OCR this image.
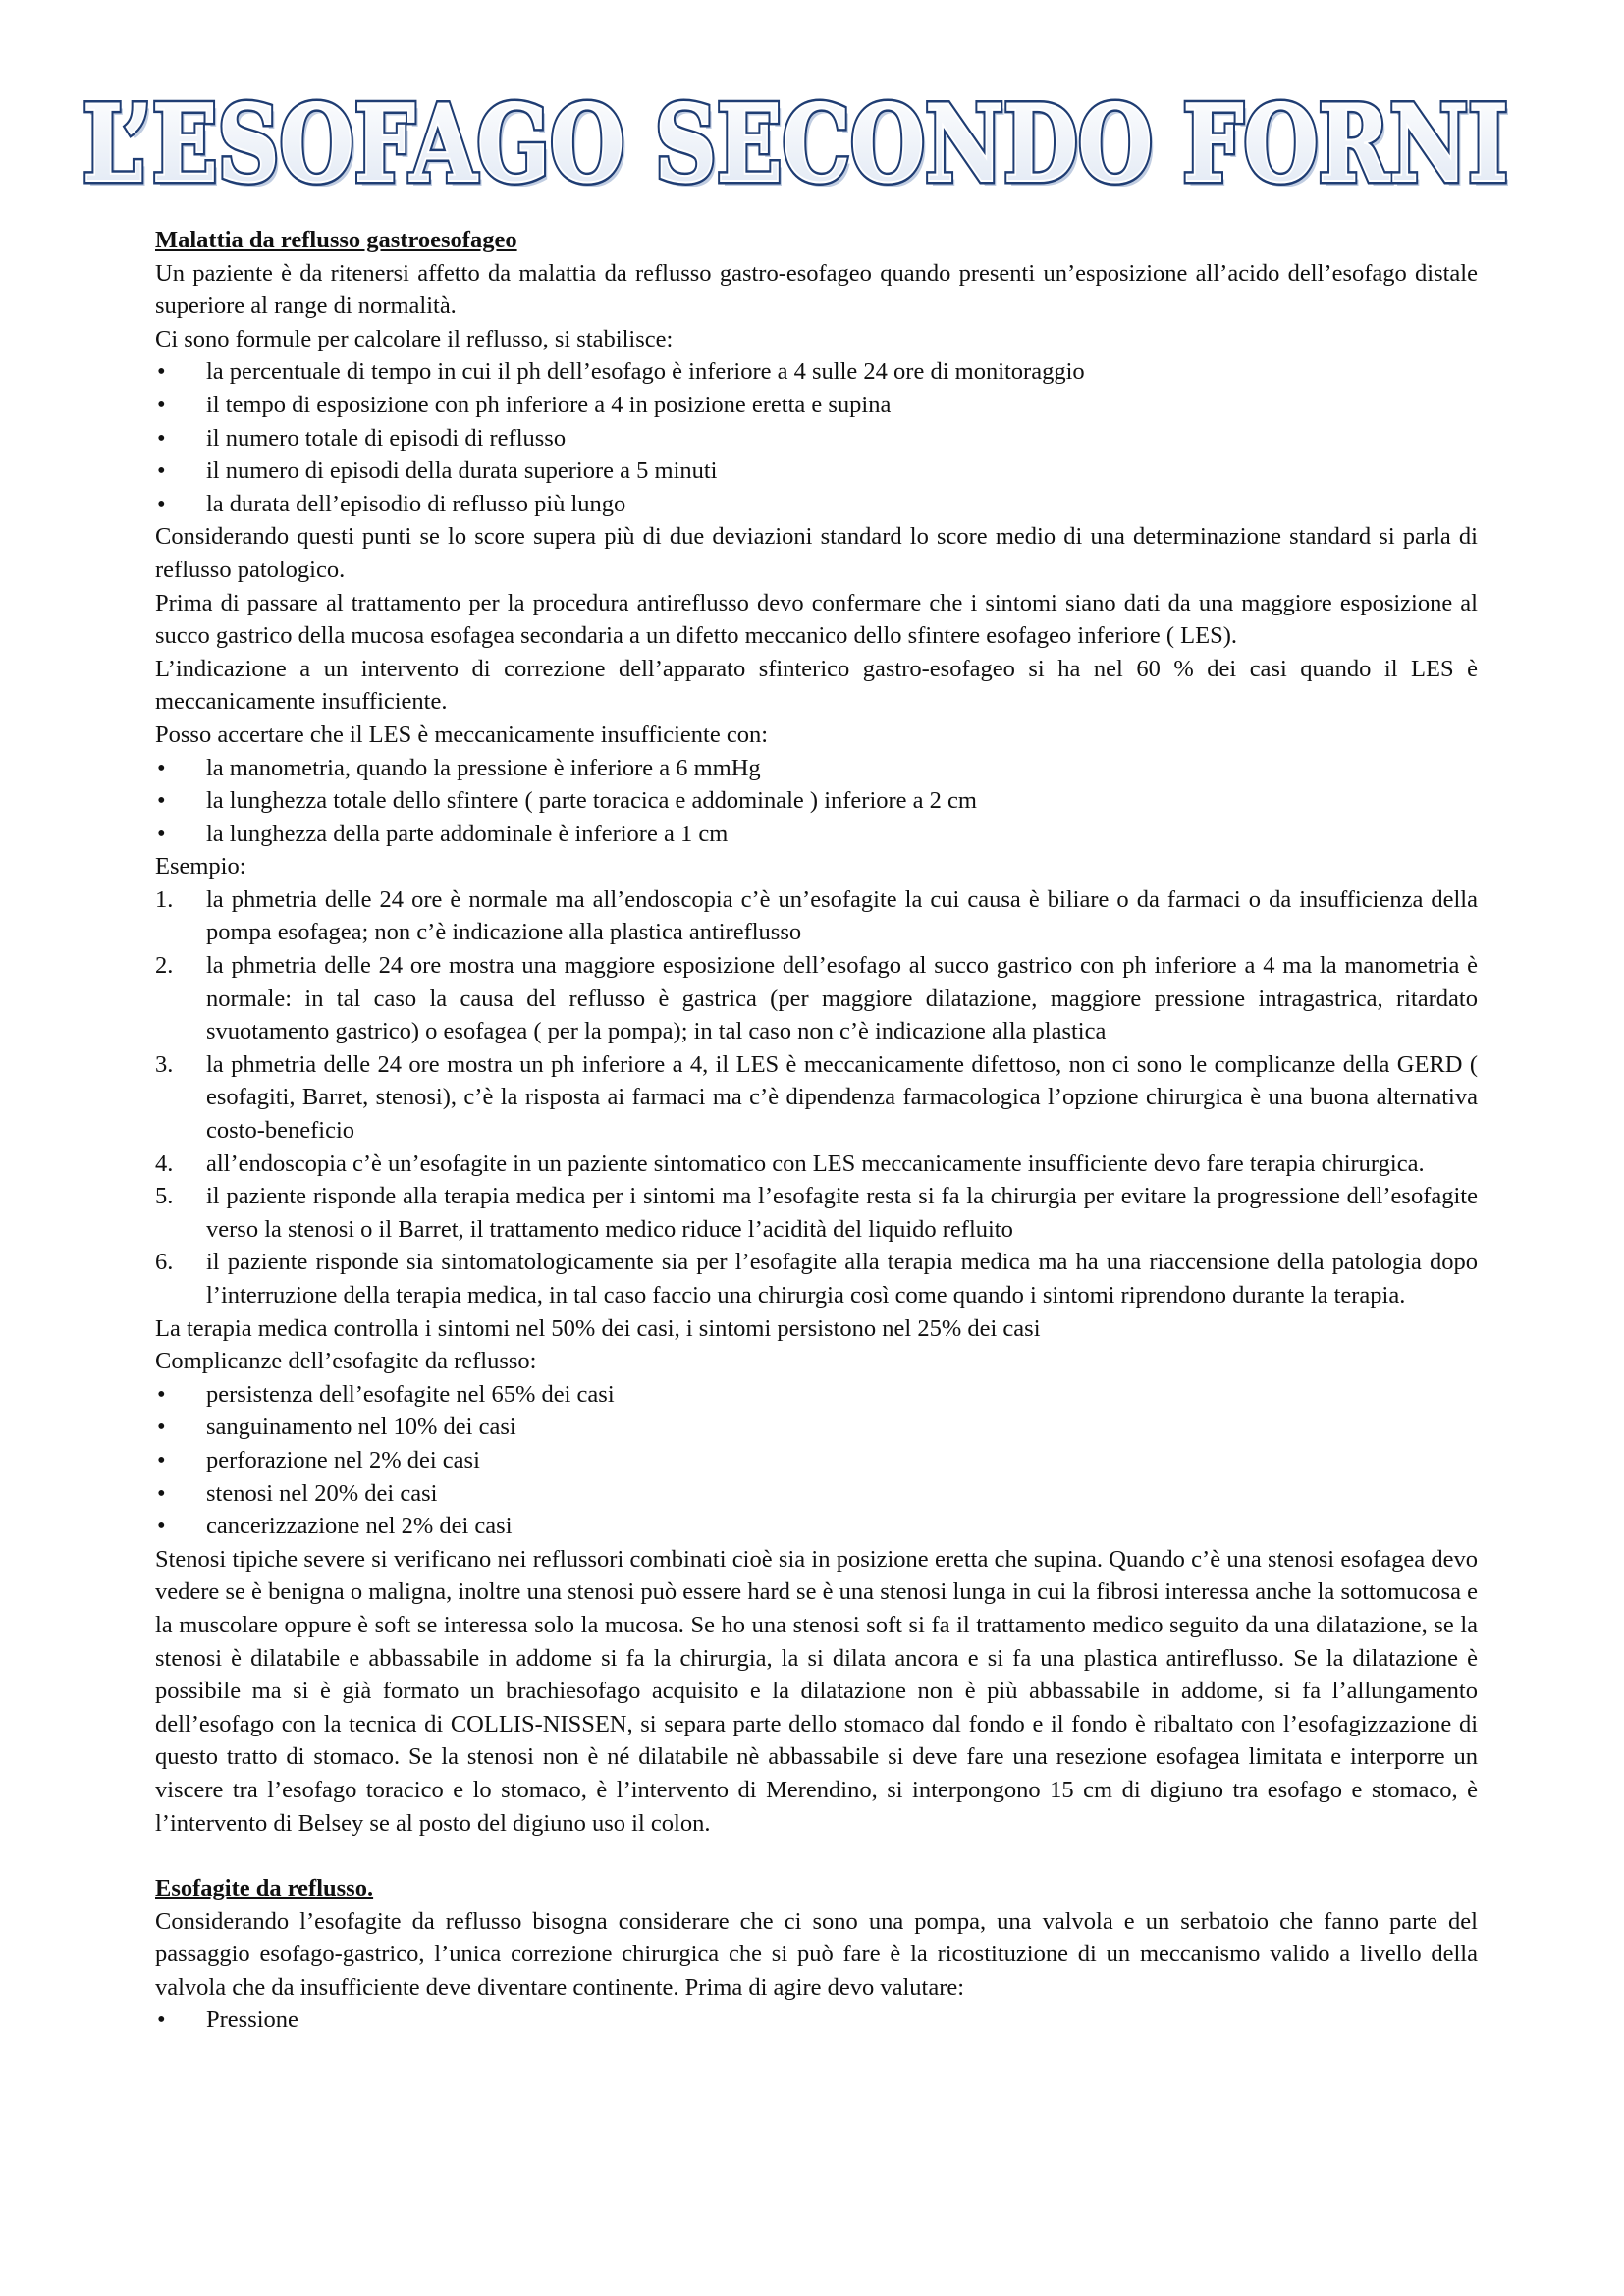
L’ESOFAGO SECONDO FORNI
L’ESOFAGO SECONDO FORNI
L’ESOFAGO SECONDO FORNI

Malattia da reflusso gastroesofageo

Un paziente è da ritenersi affetto da malattia da reflusso gastro-esofageo quando presenti un’esposizione all’acido dell’esofago distale superiore al range di normalità.

Ci sono formule per calcolare il reflusso, si stabilisce:

• la percentuale di tempo in cui il ph dell’esofago è inferiore a 4 sulle 24 ore di monitoraggio
• il tempo di esposizione con ph inferiore a 4 in posizione eretta e supina
• il numero totale di episodi di reflusso
• il numero di episodi della durata superiore a 5 minuti
• la durata dell’episodio di reflusso più lungo

Considerando questi punti se lo score supera più di due deviazioni standard lo score medio di una determinazione standard si parla di reflusso patologico.

Prima di passare al trattamento per la procedura antireflusso devo confermare che i sintomi siano dati da una maggiore esposizione al succo gastrico della mucosa esofagea secondaria a un difetto meccanico dello sfintere esofageo inferiore ( LES).

L’indicazione a un intervento di correzione dell’apparato sfinterico gastro-esofageo si ha nel 60 % dei casi quando il LES è meccanicamente insufficiente.

Posso accertare che il LES è meccanicamente insufficiente con:

• la manometria, quando la pressione è inferiore a 6 mmHg
• la lunghezza totale dello sfintere ( parte toracica e addominale ) inferiore a 2 cm
• la lunghezza della parte addominale è inferiore a 1 cm

Esempio:

1. la phmetria delle 24 ore è normale ma all’endoscopia c’è un’esofagite la cui causa è biliare o da farmaci o da insufficienza della pompa esofagea; non c’è indicazione alla plastica antireflusso
2. la phmetria delle 24 ore mostra una maggiore esposizione dell’esofago al succo gastrico con ph inferiore a 4 ma la manometria è normale: in tal caso la causa del reflusso è gastrica (per maggiore dilatazione, maggiore pressione intragastrica, ritardato svuotamento gastrico) o esofagea ( per la pompa); in tal caso non c’è indicazione alla plastica
3. la phmetria delle 24 ore mostra un ph inferiore a 4, il LES è meccanicamente difettoso, non ci sono le complicanze della GERD ( esofagiti, Barret, stenosi), c’è la risposta ai farmaci ma c’è dipendenza farmacologica l’opzione chirurgica è una buona alternativa costo-beneficio
4. all’endoscopia c’è un’esofagite in un paziente sintomatico con LES meccanicamente insufficiente devo fare terapia chirurgica.
5. il paziente risponde alla terapia medica per i sintomi ma l’esofagite resta si fa la chirurgia per evitare la progressione dell’esofagite verso la stenosi o il Barret, il trattamento medico riduce l’acidità del liquido refluito
6. il paziente risponde sia sintomatologicamente sia per l’esofagite alla terapia medica ma ha una riaccensione della patologia dopo l’interruzione della terapia medica, in tal caso faccio una chirurgia così come quando i sintomi riprendono durante la terapia.

La terapia medica controlla i sintomi nel 50% dei casi, i sintomi persistono nel 25% dei casi

Complicanze dell’esofagite da reflusso:

• persistenza dell’esofagite nel 65% dei casi
• sanguinamento nel 10% dei casi
• perforazione nel 2% dei casi
• stenosi nel 20% dei casi
• cancerizzazione nel 2% dei casi

Stenosi tipiche severe si verificano nei reflussori combinati cioè sia in posizione eretta che supina. Quando c’è una stenosi esofagea devo vedere se è benigna o maligna, inoltre una stenosi può essere hard se è una stenosi lunga in cui la fibrosi interessa anche la sottomucosa e la muscolare oppure è soft se interessa solo la mucosa. Se ho una stenosi soft si fa il trattamento medico seguito da una dilatazione, se la stenosi è dilatabile e abbassabile in addome si fa la chirurgia, la si dilata ancora e si fa una plastica antireflusso. Se la dilatazione è possibile ma si è già formato un brachiesofago acquisito e la dilatazione non è più abbassabile in addome, si fa l’allungamento dell’esofago con la tecnica di COLLIS-NISSEN, si separa parte dello stomaco dal fondo e il fondo è ribaltato con l’esofagizzazione di questo tratto di stomaco. Se la stenosi non è né dilatabile nè abbassabile si deve fare una resezione esofagea limitata e interporre un viscere tra l’esofago toracico e lo stomaco, è l’intervento di Merendino, si interpongono 15 cm di digiuno tra esofago e stomaco, è l’intervento di Belsey se al posto del digiuno uso il colon.

Esofagite da reflusso.

Considerando l’esofagite da reflusso bisogna considerare che ci sono una pompa, una valvola e un serbatoio che fanno parte del passaggio esofago-gastrico, l’unica correzione chirurgica che si può fare è la ricostituzione di un meccanismo valido a livello della valvola che da insufficiente deve diventare continente. Prima di agire devo valutare:

• Pressione
